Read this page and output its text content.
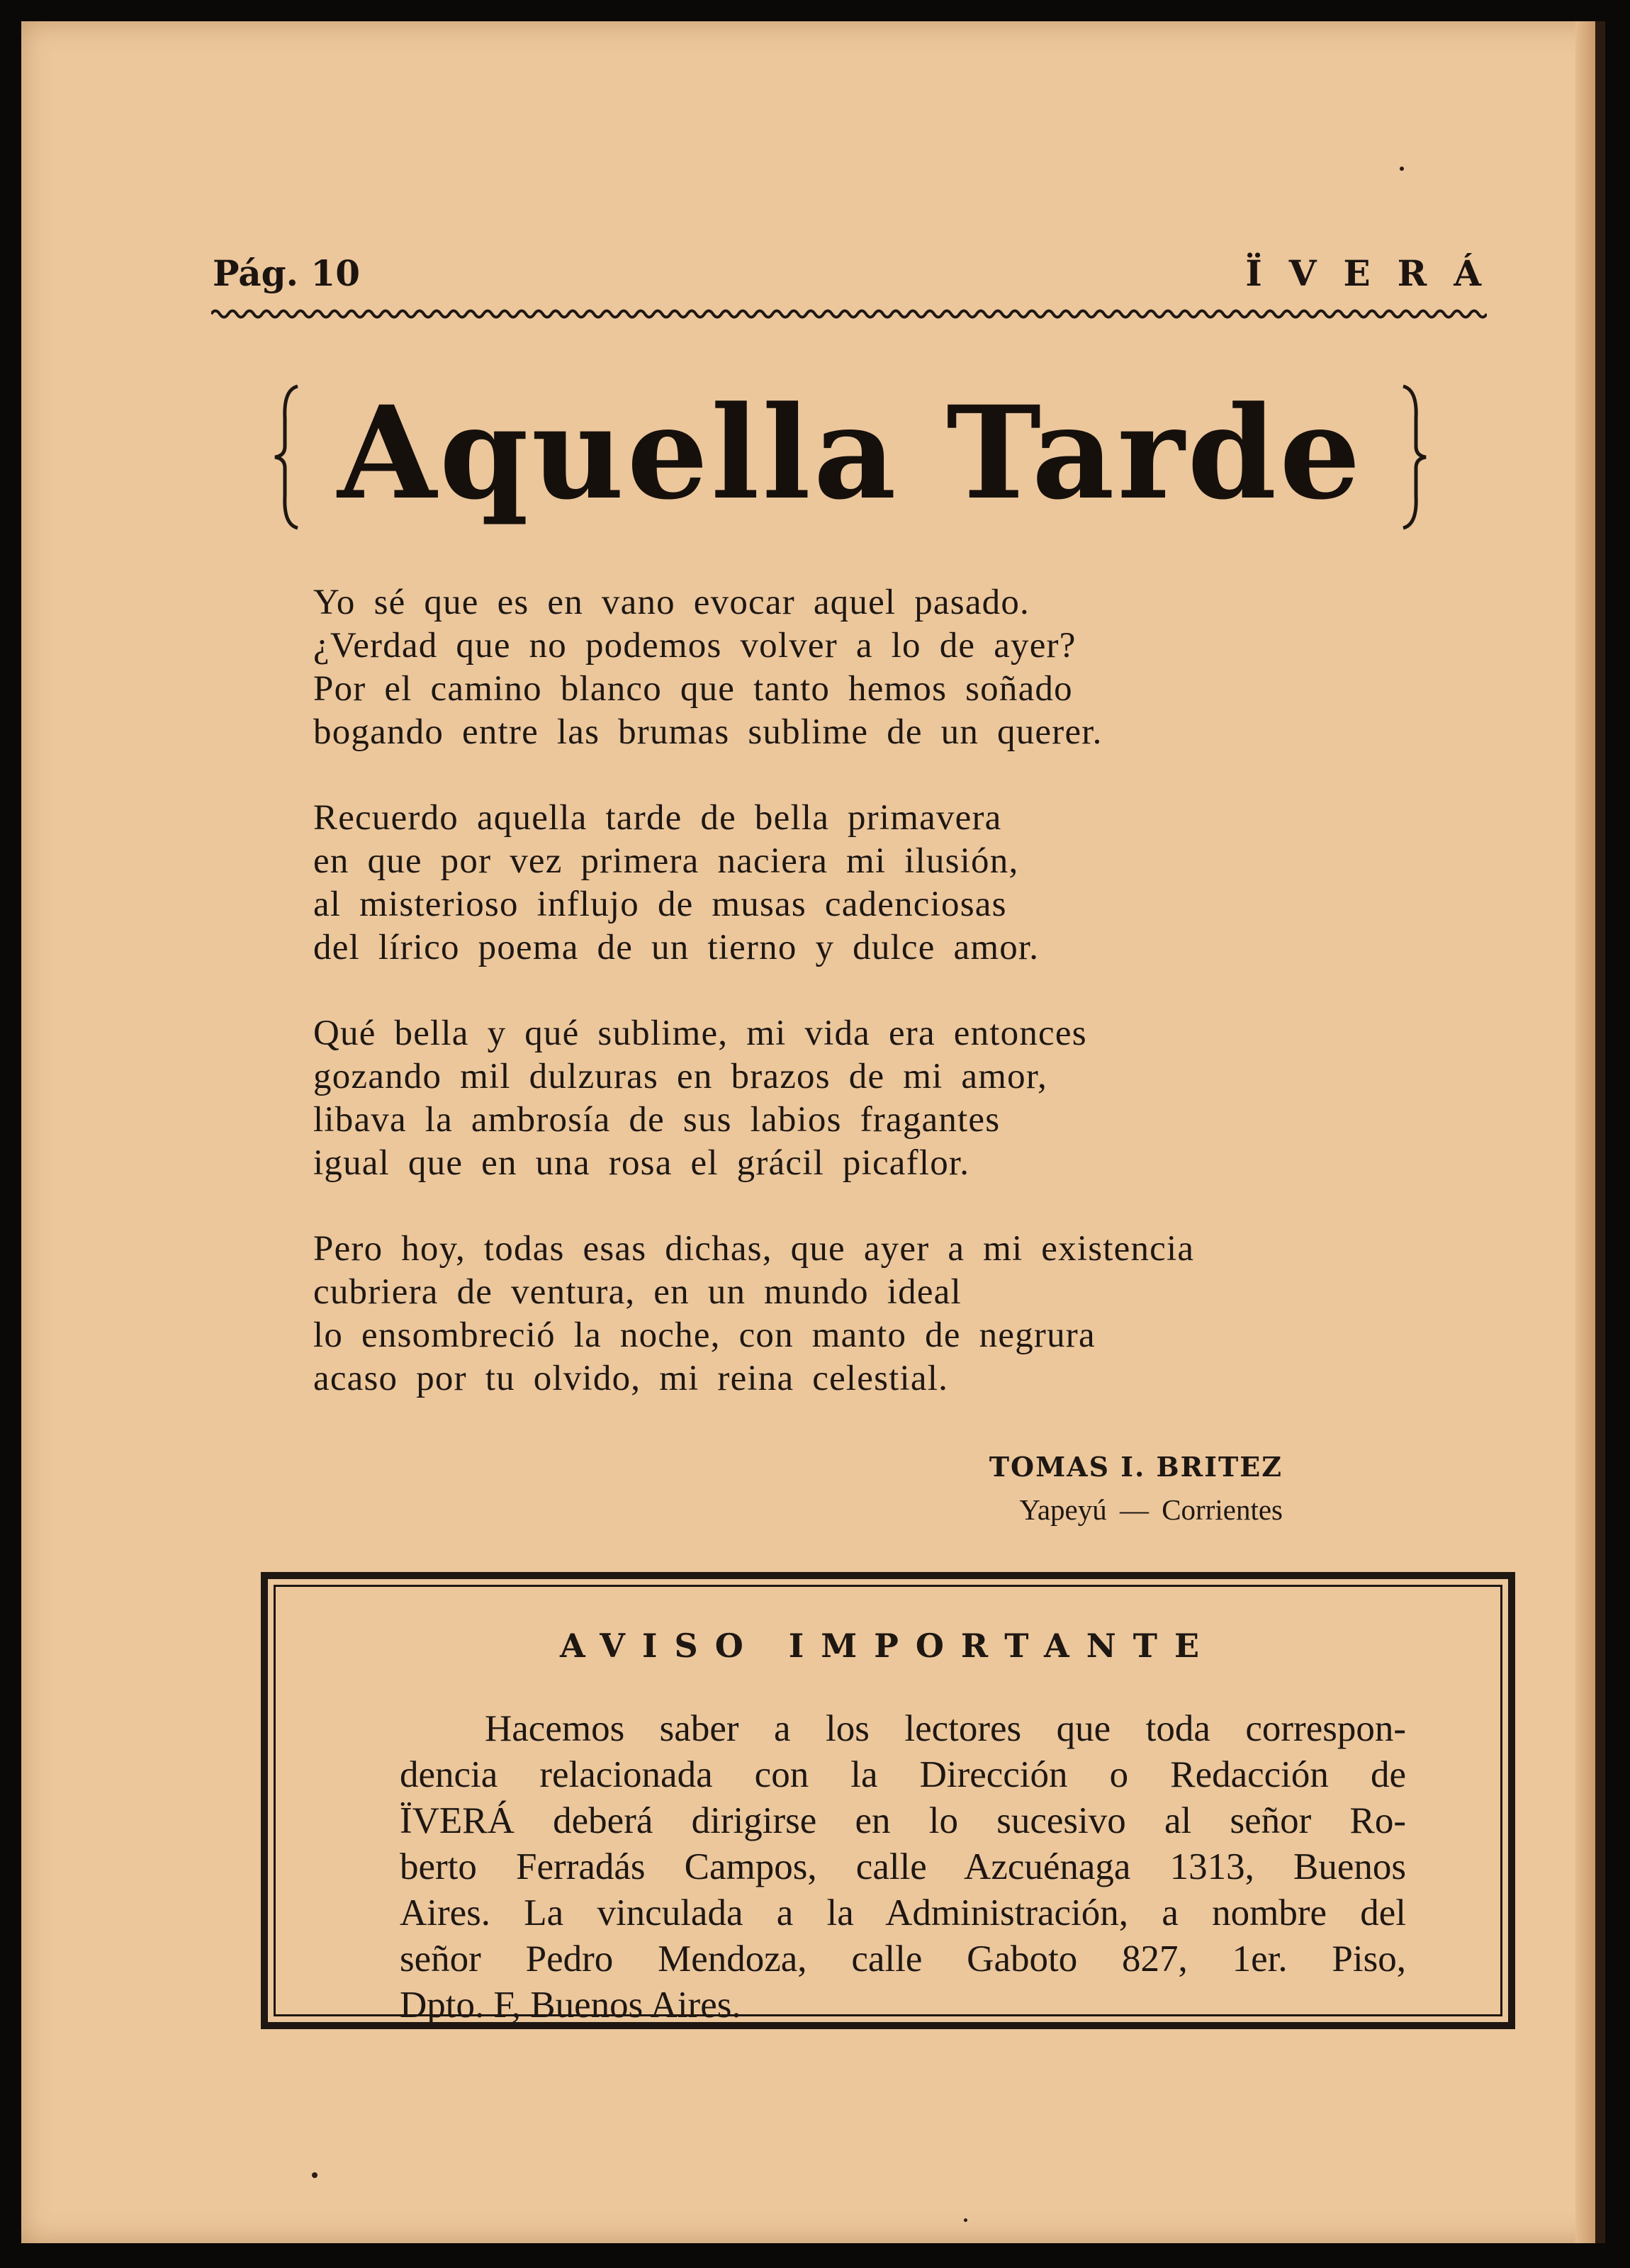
Pág. 10	ÏVERÁ
Aquella Tarde
Yo sé que es en vano evocar aquel pasado.
¿Verdad que no podemos volver a lo de ayer?
Por el camino blanco que tanto hemos soñado
bogando entre las brumas sublime de un querer.
Recuerdo aquella tarde de bella primavera
en que por vez primera naciera mi ilusión,
al misterioso influjo de musas cadenciosas
del lírico poema de un tierno y dulce amor.
Qué bella y qué sublime, mi vida era entonces
gozando mil dulzuras en brazos de mi amor,
libava la ambrosía de sus labios fragantes
igual que en una rosa el grácil picaflor.
Pero hoy, todas esas dichas, que ayer a mi existencia
cubriera de ventura, en un mundo ideal
lo ensombreció la noche, con manto de negrura
acaso por tu olvido, mi reina celestial.
TOMAS I. BRITEZ
Yapeyú — Corrientes
AVISO IMPORTANTE
Hacemos saber a los lectores que toda correspon-
dencia relacionada con la Dirección o Redacción de
ÏVERÁ deberá dirigirse en lo sucesivo al señor Ro-
berto Ferradás Campos, calle Azcuénaga 1313, Buenos
Aires. La vinculada a la Administración, a nombre del
señor Pedro Mendoza, calle Gaboto 827, 1er. Piso,
Dpto. F, Buenos Aires.
